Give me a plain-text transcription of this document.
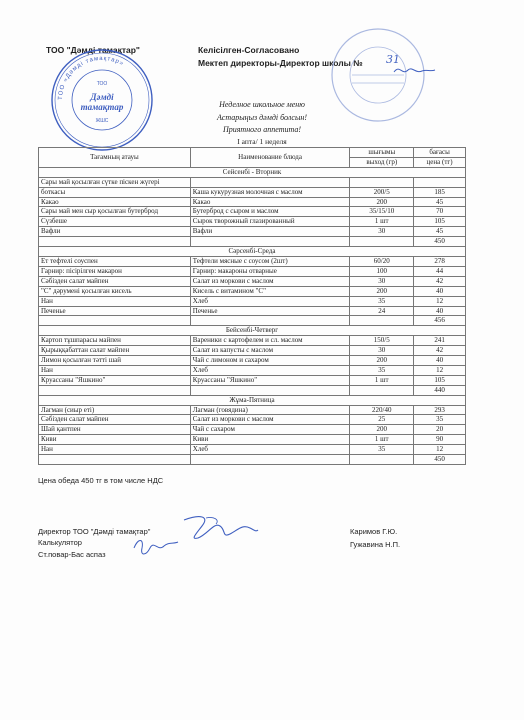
ТОО "Дәмді тамақтар"	Келісілген-Согласовано
Мектеп директоры-Директор школы № 31
ТОО «Дәмді тамақтар»
ТОО
Дәмді
тамақтар
ЖШС
Неделное школьное меню
Астарыңыз дәмді болсын!
Приятного аппетита!
I апта/ 1 неделя
Тағамның атауы	Наименование блюда	шығымы	бағасы
		выход (гр)	цена (тг)
Сейсенбі - Вторник			
Сары май қосылған сүтке піскен жүгері			
боткасы	Каша кукурузная молочная с маслом	200/5	185
Какао	Какао	200	45
Сары май мен сыр қосылған бутерброд	Бутерброд с сыром и маслом	35/15/10	70
Сүзбеше	Сырок творожный глазированный	1 шт	105
Вафли	Вафли	30	45
			450
Сәрсенбі-Среда			
Ет тефтелі соуспен	Тефтели мясные с соусом (2шт)	60/20	278
Гарнир: пісірілген макарон	Гарнир: макароны отварные	100	44
Сәбізден салат майпен	Салат из моркови с маслом	30	42
"С" дәрумені қосылған кисель	Кисель с витамином "С"	200	40
Нан	Хлеб	35	12
Печенье	Печенье	24	40
			456
Бейсенбі-Четверг			
Картоп тұшпарасы майпен	Вареники с картофелем и сл. маслом	150/5	241
Қырыққабаттан салат майпен	Салат из капусты с маслом	30	42
Лимон қосылған тәтті шай	Чай с лимоном и сахаром	200	40
Нан	Хлеб	35	12
Круассаны "Яшкино"	Круассаны "Яшкино"	1 шт	105
			440
Жұма-Пятница			
Лагман (сиыр еті)	Лагман (говядина)	220/40	293
Сәбізден салат майпен	Салат из моркови с маслом	25	35
Шай қантпен	Чай с сахаром	200	20
Киви	Киви	1 шт	90
Нан	Хлеб	35	12
			450
Цена обеда 450 тг в том числе НДС
Директор ТОО "Дәмді тамақтар"	Каримов Г.Ю.
Калькулятор	Гужавина Н.П.
Ст.повар-Бас аспаз
